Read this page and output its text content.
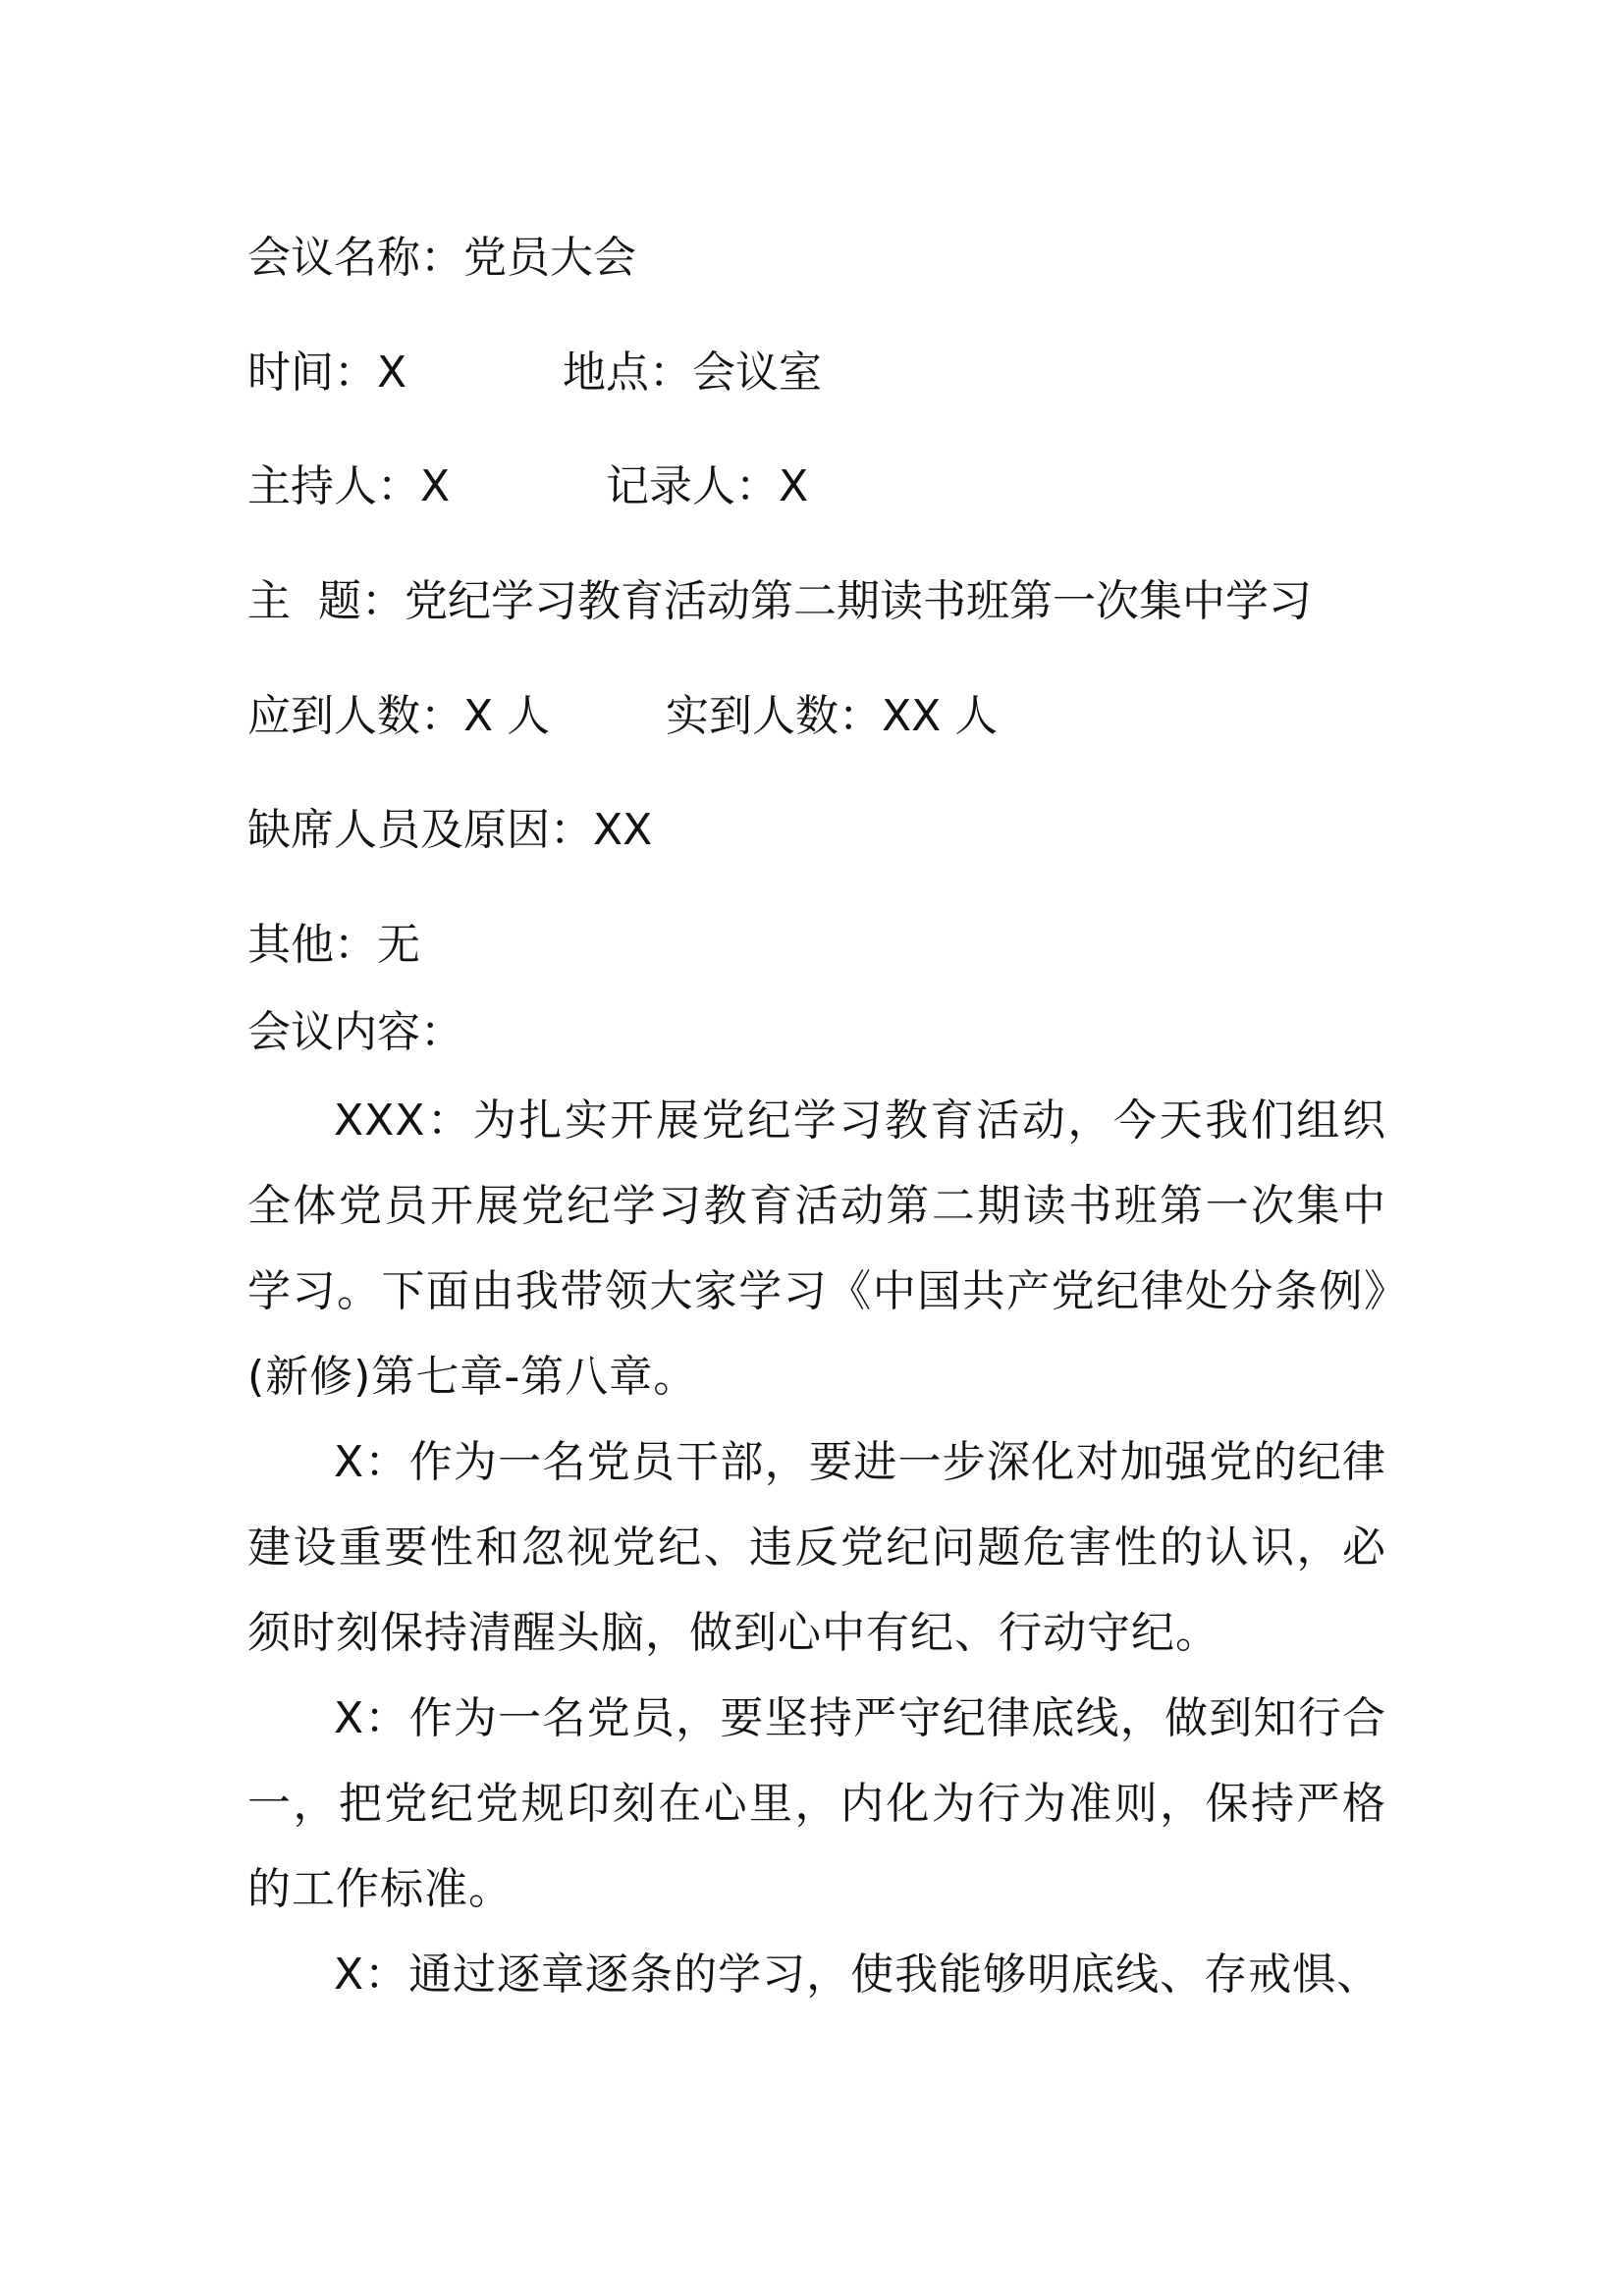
会议名称：党员大会
时间：X	地点：会议室
主持人：X	记录人：X
主  题：党纪学习教育活动第二期读书班第一次集中学习
应到人数：X 人	实到人数：XX 人
缺席人员及原因：XX
其他：无
会议内容：
XXX：为扎实开展党纪学习教育活动，今天我们组织全体党员开展党纪学习教育活动第二期读书班第一次集中学习。下面由我带领大家学习《中国共产党纪律处分条例》(新修)第七章-第八章。
X：作为一名党员干部，要进一步深化对加强党的纪律建设重要性和忽视党纪、违反党纪问题危害性的认识，必须时刻保持清醒头脑，做到心中有纪、行动守纪。
X：作为一名党员，要坚持严守纪律底线，做到知行合一，把党纪党规印刻在心里，内化为行为准则，保持严格的工作标准。
X：通过逐章逐条的学习，使我能够明底线、存戒惧、
